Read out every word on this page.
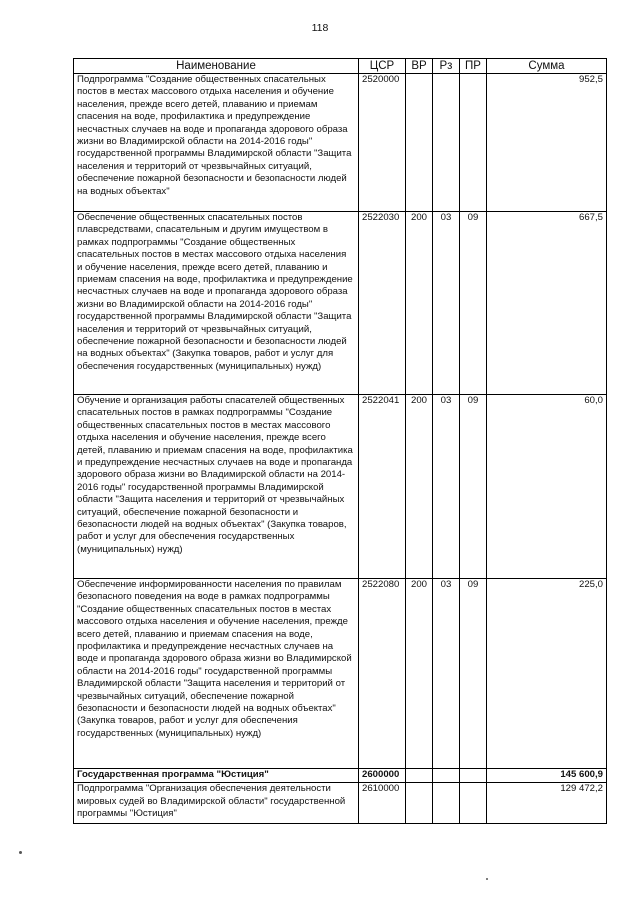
118
Наименование	ЦСР	ВР	Рз	ПР	Сумма
Подпрограмма "Создание общественных спасательных постов в местах массового отдыха населения и обучение населения, прежде всего детей, плаванию и приемам спасения на воде, профилактика и предупреждение несчастных случаев на воде и пропаганда здорового образа жизни во Владимирской области на 2014-2016 годы" государственной программы Владимирской области "Защита населения и территорий от чрезвычайных ситуаций, обеспечение пожарной безопасности и безопасности людей на водных объектах"	2520000				952,5
Обеспечение общественных спасательных постов плавсредствами, спасательным и другим имуществом в рамках подпрограммы "Создание общественных спасательных постов в местах массового отдыха населения и обучение населения, прежде всего детей, плаванию и приемам спасения на воде, профилактика и предупреждение несчастных случаев на воде и пропаганда здорового образа жизни во Владимирской области на 2014-2016 годы" государственной программы Владимирской области "Защита населения и территорий от чрезвычайных ситуаций, обеспечение пожарной безопасности и безопасности людей на водных объектах" (Закупка товаров, работ и услуг для обеспечения государственных (муниципальных) нужд)	2522030	200	03	09	667,5
Обучение и организация работы спасателей общественных спасательных постов в рамках подпрограммы "Создание общественных спасательных постов в местах массового отдыха населения и обучение населения, прежде всего детей, плаванию и приемам спасения на воде, профилактика и предупреждение несчастных случаев на воде и пропаганда здорового образа жизни во Владимирской области на 2014-2016 годы" государственной программы Владимирской области "Защита населения и территорий от чрезвычайных ситуаций, обеспечение пожарной безопасности и безопасности людей на водных объектах" (Закупка товаров, работ и услуг для обеспечения государственных (муниципальных) нужд)	2522041	200	03	09	60,0
Обеспечение информированности населения по правилам безопасного поведения на воде в рамках подпрограммы "Создание общественных спасательных постов в местах массового отдыха населения и обучение населения, прежде всего детей, плаванию и приемам спасения на воде, профилактика и предупреждение несчастных случаев на воде и пропаганда здорового образа жизни во Владимирской области на 2014-2016 годы" государственной программы Владимирской области "Защита населения и территорий от чрезвычайных ситуаций, обеспечение пожарной безопасности и безопасности людей на водных объектах" (Закупка товаров, работ и услуг для обеспечения государственных (муниципальных) нужд)	2522080	200	03	09	225,0
Государственная программа "Юстиция"	2600000				145 600,9
Подпрограмма "Организация обеспечения деятельности мировых судей во Владимирской области" государственной программы "Юстиция"	2610000				129 472,2
